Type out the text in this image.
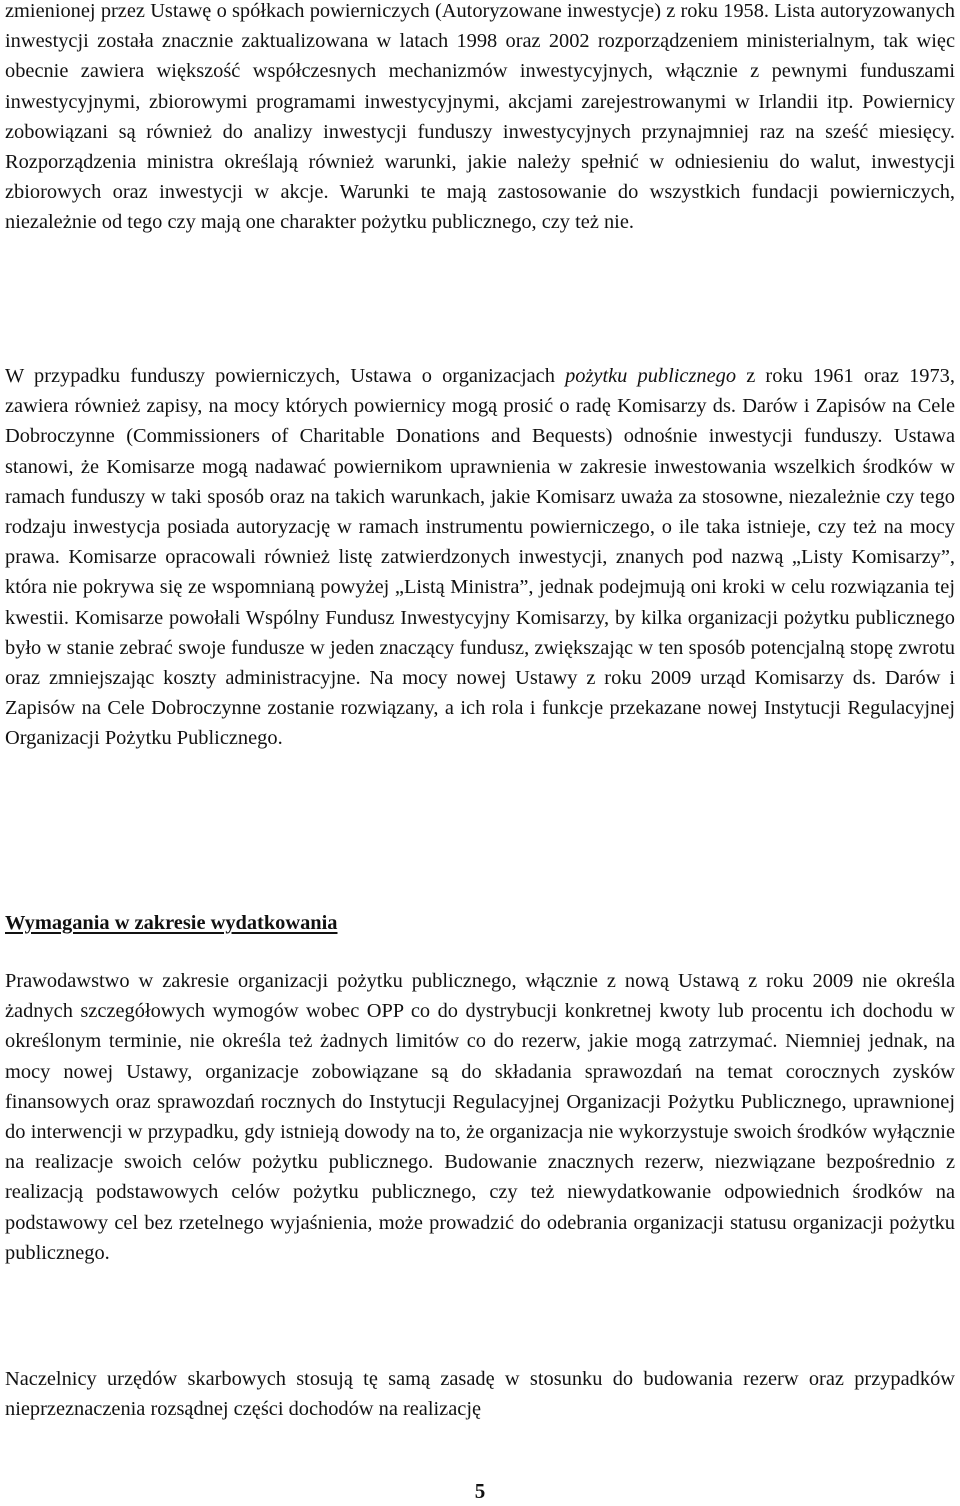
zmienionej przez Ustawę o spółkach powierniczych (Autoryzowane inwestycje) z roku 1958. Lista autoryzowanych inwestycji została znacznie zaktualizowana w latach 1998 oraz 2002 rozporządzeniem ministerialnym, tak więc obecnie zawiera większość współczesnych mechanizmów inwestycyjnych, włącznie z pewnymi funduszami inwestycyjnymi, zbiorowymi programami inwestycyjnymi, akcjami zarejestrowanymi w Irlandii itp. Powiernicy zobowiązani są również do analizy inwestycji funduszy inwestycyjnych przynajmniej raz na sześć miesięcy. Rozporządzenia ministra określają również warunki, jakie należy spełnić w odniesieniu do walut, inwestycji zbiorowych oraz inwestycji w akcje. Warunki te mają zastosowanie do wszystkich fundacji powierniczych, niezależnie od tego czy mają one charakter pożytku publicznego, czy też nie.

W przypadku funduszy powierniczych, Ustawa o organizacjach pożytku publicznego z roku 1961 oraz 1973, zawiera również zapisy, na mocy których powiernicy mogą prosić o radę Komisarzy ds. Darów i Zapisów na Cele Dobroczynne (Commissioners of Charitable Donations and Bequests) odnośnie inwestycji funduszy. Ustawa stanowi, że Komisarze mogą nadawać powiernikom uprawnienia w zakresie inwestowania wszelkich środków w ramach funduszy w taki sposób oraz na takich warunkach, jakie Komisarz uważa za stosowne, niezależnie czy tego rodzaju inwestycja posiada autoryzację w ramach instrumentu powierniczego, o ile taka istnieje, czy też na mocy prawa. Komisarze opracowali również listę zatwierdzonych inwestycji, znanych pod nazwą „Listy Komisarzy”, która nie pokrywa się ze wspomnianą powyżej „Listą Ministra”, jednak podejmują oni kroki w celu rozwiązania tej kwestii. Komisarze powołali Wspólny Fundusz Inwestycyjny Komisarzy, by kilka organizacji pożytku publicznego było w stanie zebrać swoje fundusze w jeden znaczący fundusz, zwiększając w ten sposób potencjalną stopę zwrotu oraz zmniejszając koszty administracyjne. Na mocy nowej Ustawy z roku 2009 urząd Komisarzy ds. Darów i Zapisów na Cele Dobroczynne zostanie rozwiązany, a ich rola i funkcje przekazane nowej Instytucji Regulacyjnej Organizacji Pożytku Publicznego.

Wymagania w zakresie wydatkowania

Prawodawstwo w zakresie organizacji pożytku publicznego, włącznie z nową Ustawą z roku 2009 nie określa żadnych szczegółowych wymogów wobec OPP co do dystrybucji konkretnej kwoty lub procentu ich dochodu w określonym terminie, nie określa też żadnych limitów co do rezerw, jakie mogą zatrzymać. Niemniej jednak, na mocy nowej Ustawy, organizacje zobowiązane są do składania sprawozdań na temat corocznych zysków finansowych oraz sprawozdań rocznych do Instytucji Regulacyjnej Organizacji Pożytku Publicznego, uprawnionej do interwencji w przypadku, gdy istnieją dowody na to, że organizacja nie wykorzystuje swoich środków wyłącznie na realizacje swoich celów pożytku publicznego. Budowanie znacznych rezerw, niezwiązane bezpośrednio z realizacją podstawowych celów pożytku publicznego, czy też niewydatkowanie odpowiednich środków na podstawowy cel bez rzetelnego wyjaśnienia, może prowadzić do odebrania organizacji statusu organizacji pożytku publicznego.

Naczelnicy urzędów skarbowych stosują tę samą zasadę w stosunku do budowania rezerw oraz przypadków nieprzeznaczenia rozsądnej części dochodów na realizację

5
